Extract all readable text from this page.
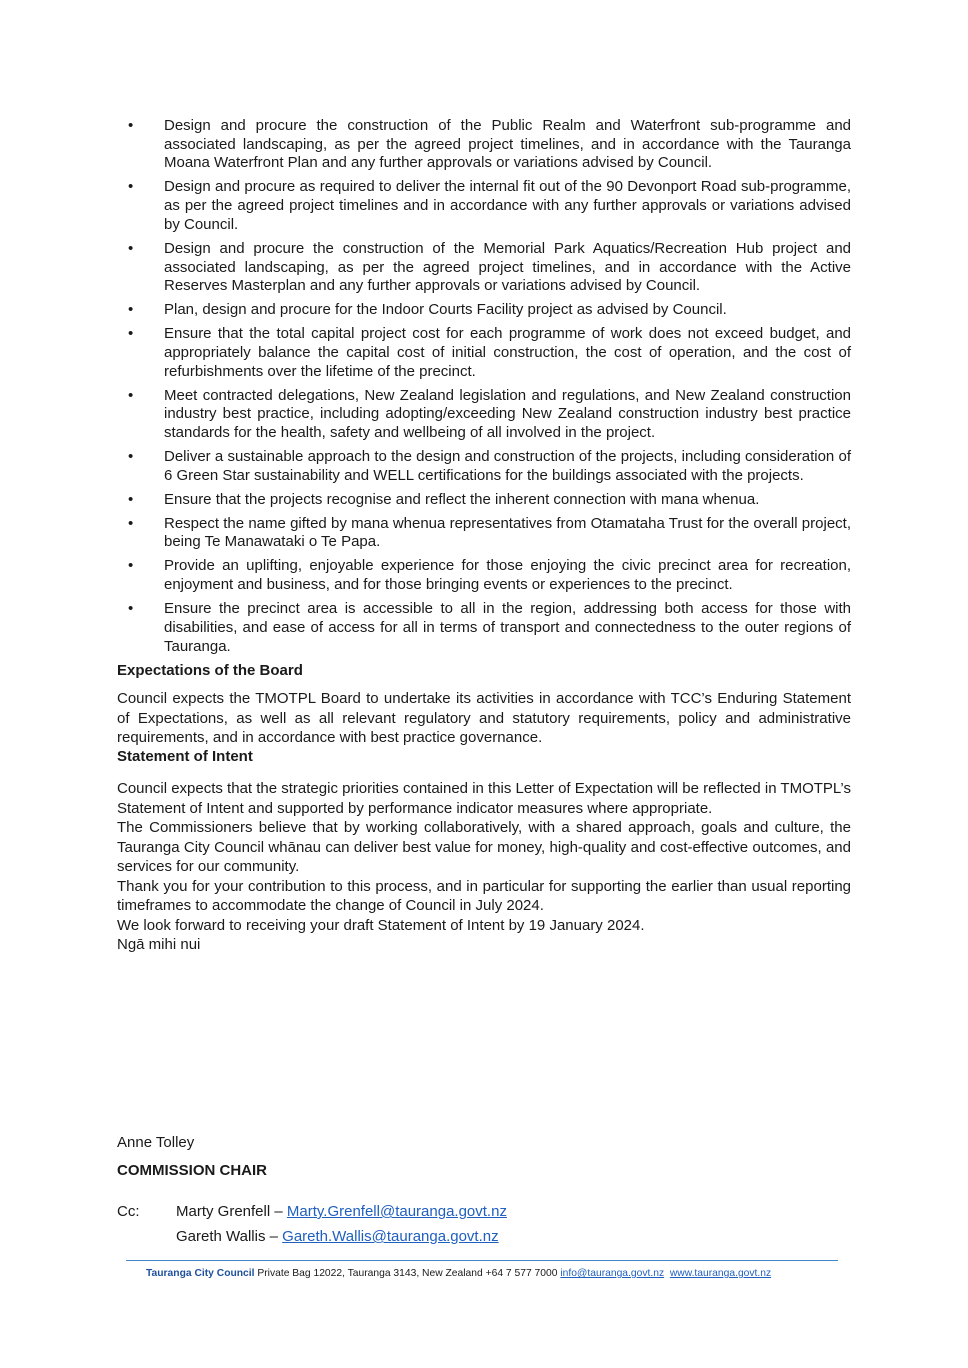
• Design and procure the construction of the Public Realm and Waterfront sub-programme and associated landscaping, as per the agreed project timelines, and in accordance with the Tauranga Moana Waterfront Plan and any further approvals or variations advised by Council.
• Design and procure as required to deliver the internal fit out of the 90 Devonport Road sub-programme, as per the agreed project timelines and in accordance with any further approvals or variations advised by Council.
• Design and procure the construction of the Memorial Park Aquatics/Recreation Hub project and associated landscaping, as per the agreed project timelines, and in accordance with the Active Reserves Masterplan and any further approvals or variations advised by Council.
• Plan, design and procure for the Indoor Courts Facility project as advised by Council.
• Ensure that the total capital project cost for each programme of work does not exceed budget, and appropriately balance the capital cost of initial construction, the cost of operation, and the cost of refurbishments over the lifetime of the precinct.
• Meet contracted delegations, New Zealand legislation and regulations, and New Zealand construction industry best practice, including adopting/exceeding New Zealand construction industry best practice standards for the health, safety and wellbeing of all involved in the project.
• Deliver a sustainable approach to the design and construction of the projects, including consideration of 6 Green Star sustainability and WELL certifications for the buildings associated with the projects.
• Ensure that the projects recognise and reflect the inherent connection with mana whenua.
• Respect the name gifted by mana whenua representatives from Otamataha Trust for the overall project, being Te Manawataki o Te Papa.
• Provide an uplifting, enjoyable experience for those enjoying the civic precinct area for recreation, enjoyment and business, and for those bringing events or experiences to the precinct.
• Ensure the precinct area is accessible to all in the region, addressing both access for those with disabilities, and ease of access for all in terms of transport and connectedness to the outer regions of Tauranga.
Expectations of the Board

Council expects the TMOTPL Board to undertake its activities in accordance with TCC’s Enduring Statement of Expectations, as well as all relevant regulatory and statutory requirements, policy and administrative requirements, and in accordance with best practice governance.

Statement of Intent

Council expects that the strategic priorities contained in this Letter of Expectation will be reflected in TMOTPL’s Statement of Intent and supported by performance indicator measures where appropriate.

The Commissioners believe that by working collaboratively, with a shared approach, goals and culture, the Tauranga City Council whānau can deliver best value for money, high-quality and cost-effective outcomes, and services for our community.

Thank you for your contribution to this process, and in particular for supporting the earlier than usual reporting timeframes to accommodate the change of Council in July 2024.

We look forward to receiving your draft Statement of Intent by 19 January 2024.

Ngā mihi nui

Anne Tolley
COMMISSION CHAIR
Cc: Marty Grenfell – Marty.Grenfell@tauranga.govt.nz
Gareth Wallis – Gareth.Wallis@tauranga.govt.nz
Tauranga City Council Private Bag 12022, Tauranga 3143, New Zealand +64 7 577 7000 info@tauranga.govt.nz www.tauranga.govt.nz
